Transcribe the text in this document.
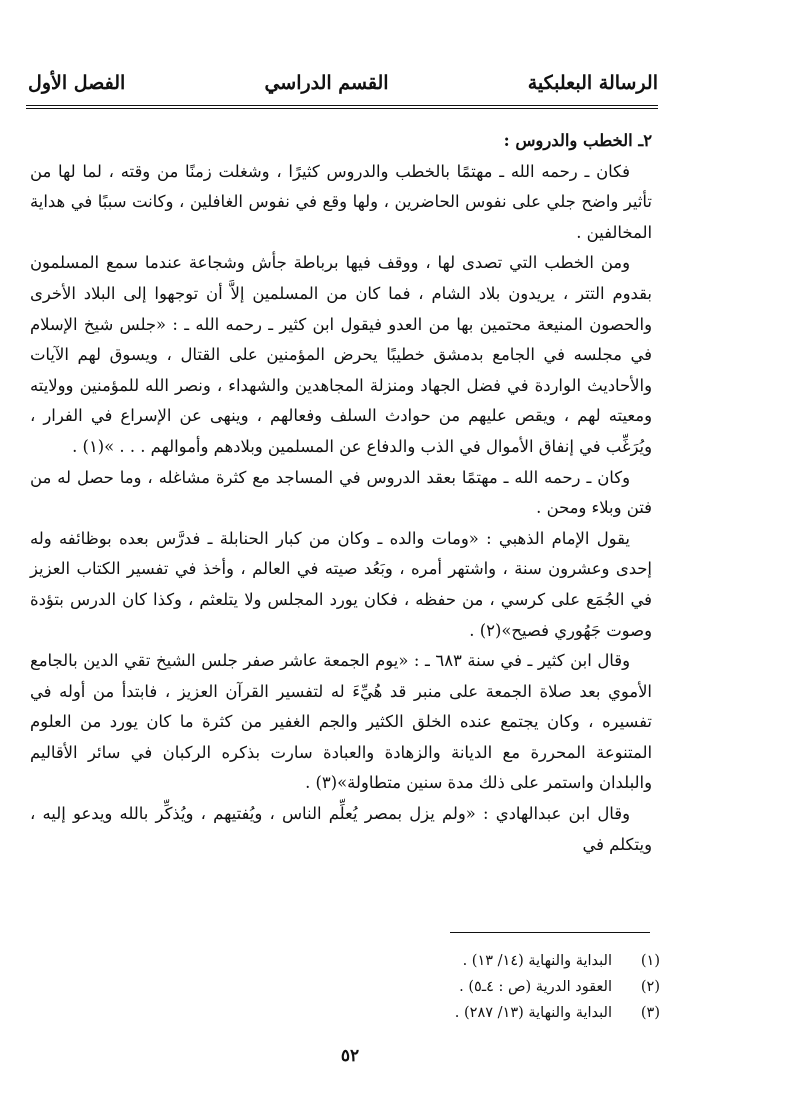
الرسالة البعلبكية
القسم الدراسي
الفصل الأول

٢ـ الخطب والدروس :

فكان ـ رحمه الله ـ مهتمًا بالخطب والدروس كثيرًا ، وشغلت زمنًا من وقته ، لما لها من تأثير واضح جلي على نفوس الحاضرين ، ولها وقع في نفوس الغافلين ، وكانت سببًا في هداية المخالفين .

ومن الخطب التي تصدى لها ، ووقف فيها برباطة جأش وشجاعة عندما سمع المسلمون بقدوم التتر ، يريدون بلاد الشام ، فما كان من المسلمين إلاَّ أن توجهوا إلى البلاد الأخرى والحصون المنيعة محتمين بها من العدو فيقول ابن كثير ـ رحمه الله ـ : «جلس شيخ الإسلام في مجلسه في الجامع بدمشق خطيبًا يحرض المؤمنين على القتال ، ويسوق لهم الآيات والأحاديث الواردة في فضل الجهاد ومنزلة المجاهدين والشهداء ، ونصر الله للمؤمنين وولايته ومعيته لهم ، ويقص عليهم من حوادث السلف وفعالهم ، وينهى عن الإسراع في الفرار ، ويُرَغِّب في إنفاق الأموال في الذب والدفاع عن المسلمين وبلادهم وأموالهم . . . »(١) .

وكان ـ رحمه الله ـ مهتمًا بعقد الدروس في المساجد مع كثرة مشاغله ، وما حصل له من فتن وبلاء ومحن .

يقول الإمام الذهبي : «ومات والده ـ وكان من كبار الحنابلة ـ فدرَّس بعده بوظائفه وله إحدى وعشرون سنة ، واشتهر أمره ، وبَعُد صيته في العالم ، وأخذ في تفسير الكتاب العزيز في الجُمَع على كرسي ، من حفظه ، فكان يورد المجلس ولا يتلعثم ، وكذا كان الدرس بتؤدة وصوت جَهُوري فصيح»(٢) .

وقال ابن كثير ـ في سنة ٦٨٣ ـ : «يوم الجمعة عاشر صفر جلس الشيخ تقي الدين بالجامع الأموي بعد صلاة الجمعة على منبر قد هُيِّءَ له لتفسير القرآن العزيز ، فابتدأ من أوله في تفسيره ، وكان يجتمع عنده الخلق الكثير والجم الغفير من كثرة ما كان يورد من العلوم المتنوعة المحررة مع الديانة والزهادة والعبادة سارت بذكره الركبان في سائر الأقاليم والبلدان واستمر على ذلك مدة سنين متطاولة»(٣) .

وقال ابن عبدالهادي : «ولم يزل بمصر يُعلِّم الناس ، ويُفتيهم ، ويُذكِّر بالله ويدعو إليه ، ويتكلم في

(١)
البداية والنهاية (١٤/ ١٣) .
(٢)
العقود الدرية (ص : ٤ـ٥) .
(٣)
البداية والنهاية (١٣/ ٢٨٧) .
٥٢
